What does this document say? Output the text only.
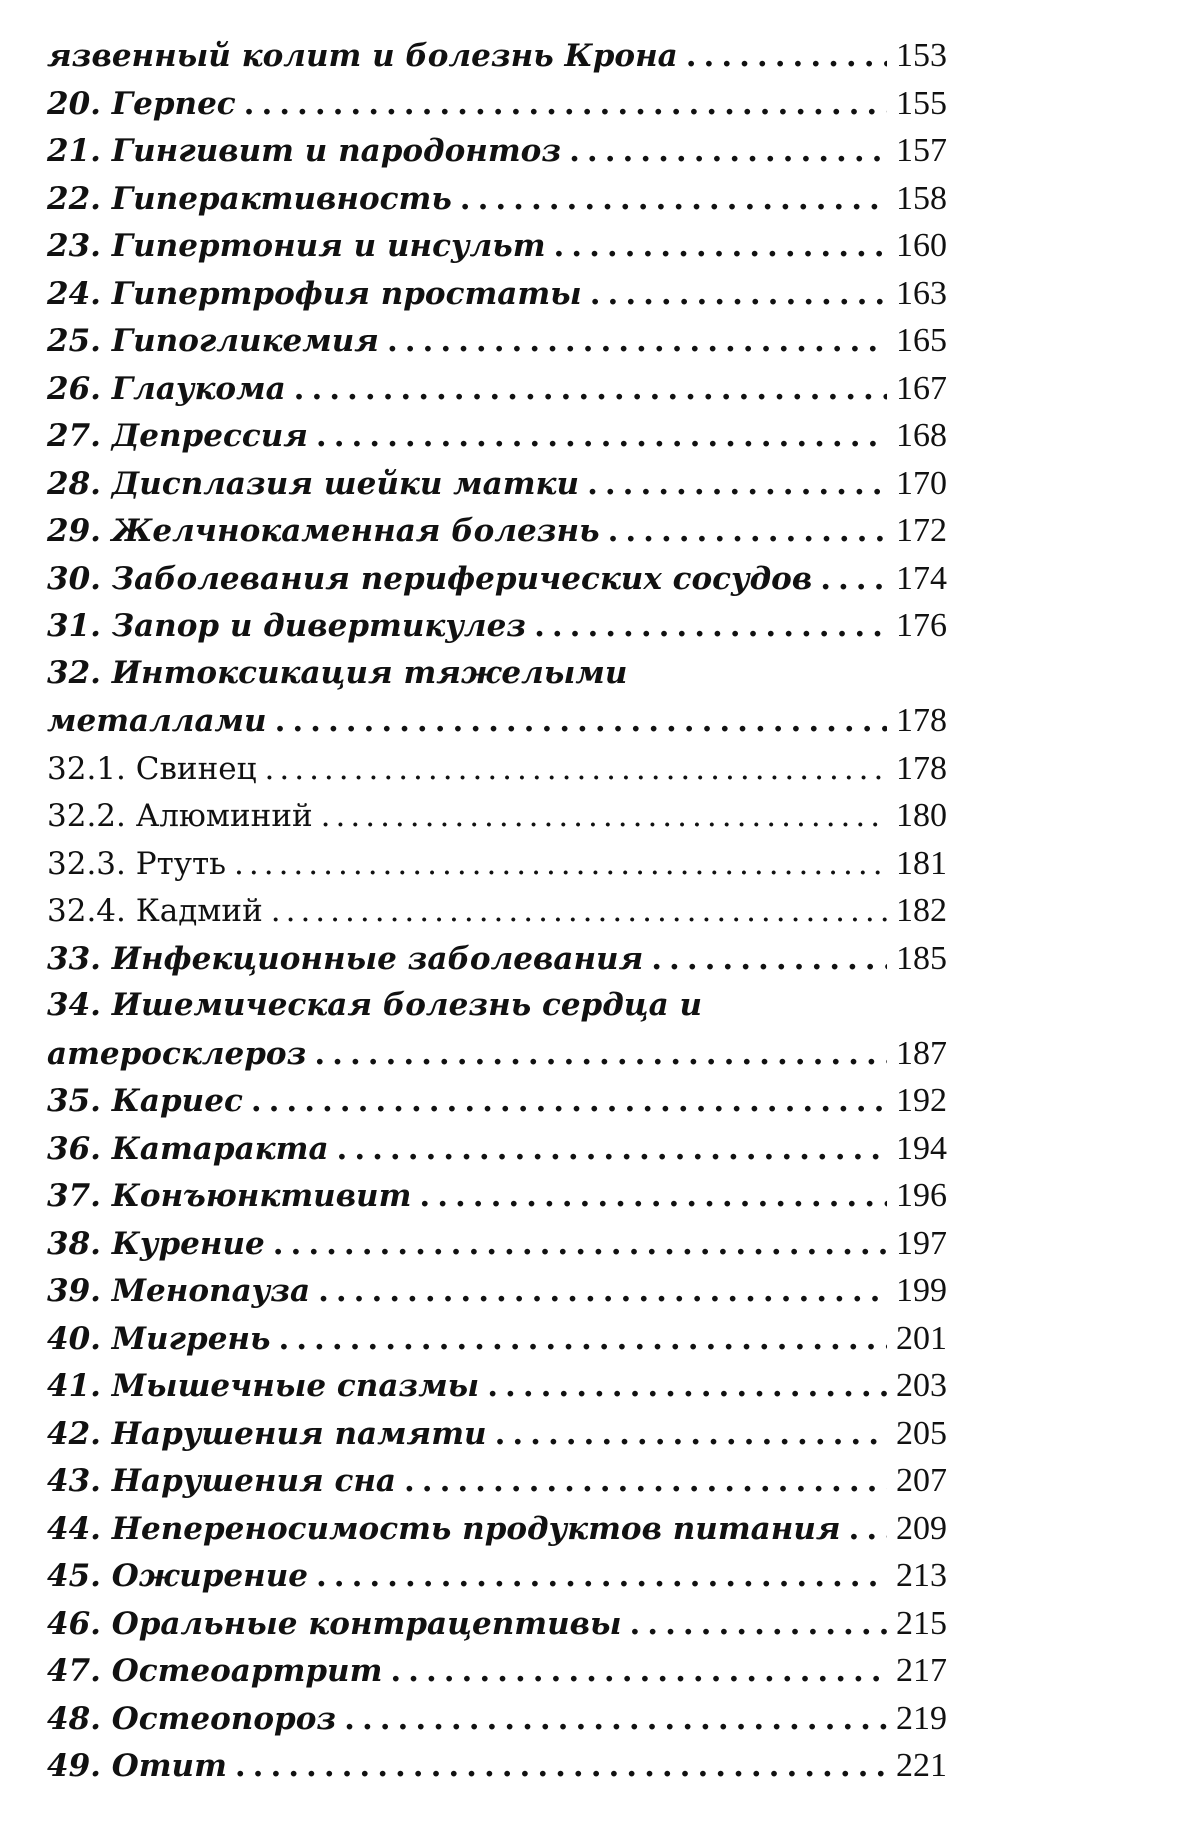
язвенный колит и болезнь Крона .....	153
20. Герпес .....	155
21. Гингивит и пародонтоз .....	157
22. Гиперактивность .....	158
23. Гипертония и инсульт .....	160
24. Гипертрофия простаты .....	163
25. Гипогликемия .....	165
26. Глаукома .....	167
27. Депрессия .....	168
28. Дисплазия шейки матки .....	170
29. Желчнокаменная болезнь .....	172
30. Заболевания периферических сосудов ..... 174
31. Запор и дивертикулез .....	176
32. Интоксикация тяжелыми
металлами .....	178
32.1. Свинец .....	178
32.2. Алюминий .....	180
32.3. Ртуть .....	181
32.4. Кадмий .....	182
33. Инфекционные заболевания .....	185
34. Ишемическая болезнь сердца и
атеросклероз .....	187
35. Кариес .....	192
36. Катаракта .....	194
37. Конъюнктивит .....	196
38. Курение .....	197
39. Менопауза .....	199
40. Мигрень .....	201
41. Мышечные спазмы .....	203
42. Нарушения памяти .....	205
43. Нарушения сна .....	207
44. Непереносимость продуктов питания ..... 209
45. Ожирение .....	213
46. Оральные контрацептивы .....	215
47. Остеоартрит .....	217
48. Остеопороз .....	219
49. Отит .....	221
